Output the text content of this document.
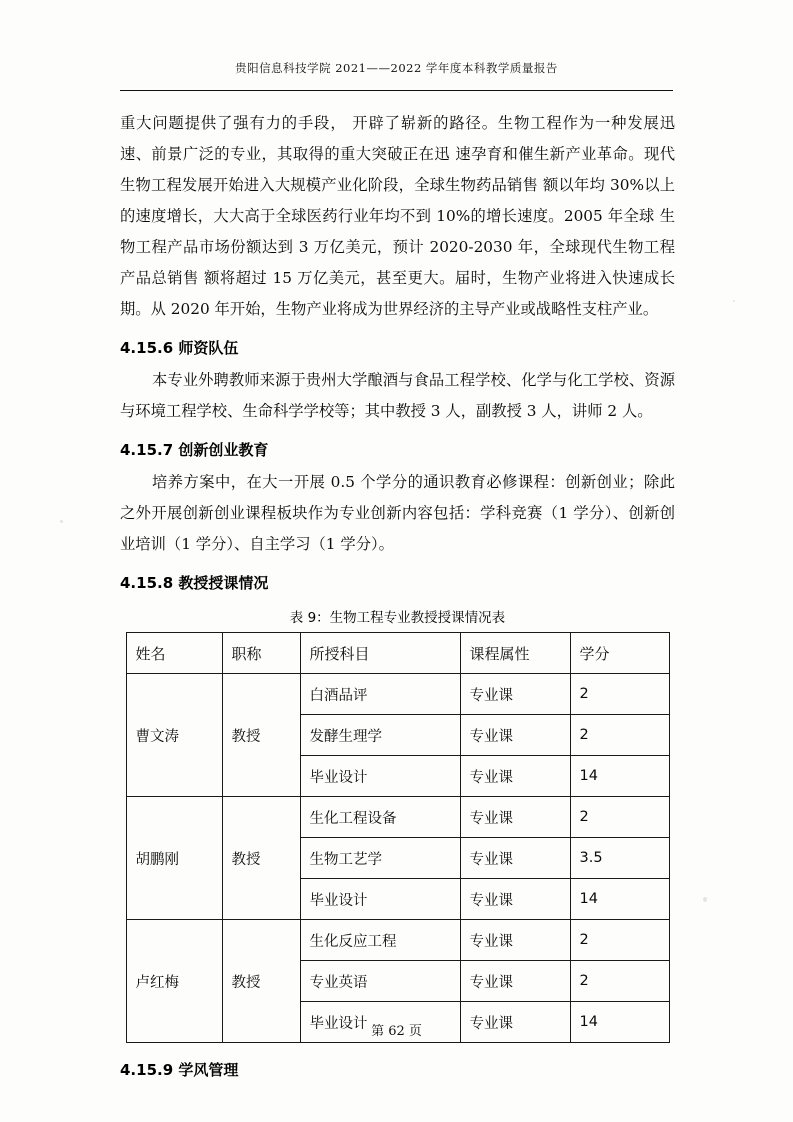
贵阳信息科技学院 2021——2022 学年度本科教学质量报告

重大问题提供了强有力的手段， 开辟了崭新的路径。生物工程作为一种发展迅速、前景广泛的专业，其取得的重大突破正在迅 速孕育和催生新产业革命。现代生物工程发展开始进入大规模产业化阶段，全球生物药品销售 额以年均 30%以上的速度增长，大大高于全球医药行业年均不到 10%的增长速度。2005 年全球 生物工程产品市场份额达到 3 万亿美元，预计 2020-2030 年，全球现代生物工程产品总销售 额将超过 15 万亿美元，甚至更大。届时，生物产业将进入快速成长期。从 2020 年开始，生物产业将成为世界经济的主导产业或战略性支柱产业。

4.15.6 师资队伍

本专业外聘教师来源于贵州大学酿酒与食品工程学校、化学与化工学校、资源与环境工程学校、生命科学学校等；其中教授 3 人，副教授 3 人，讲师 2 人。

4.15.7 创新创业教育

培养方案中，在大一开展 0.5 个学分的通识教育必修课程：创新创业；除此之外开展创新创业课程板块作为专业创新内容包括：学科竞赛（1 学分）、创新创业培训（1 学分）、自主学习（1 学分）。

4.15.8 教授授课情况
表 9：生物工程专业教授授课情况表
姓名	职称	所授科目	课程属性	学分
曹文涛	教授	白酒品评	专业课	2
		发酵生理学	专业课	2
		毕业设计	专业课	14
胡鹏刚	教授	生化工程设备	专业课	2
		生物工艺学	专业课	3.5
		毕业设计	专业课	14
卢红梅	教授	生化反应工程	专业课	2
		专业英语	专业课	2
		毕业设计	专业课	14
4.15.9 学风管理
第 62 页
